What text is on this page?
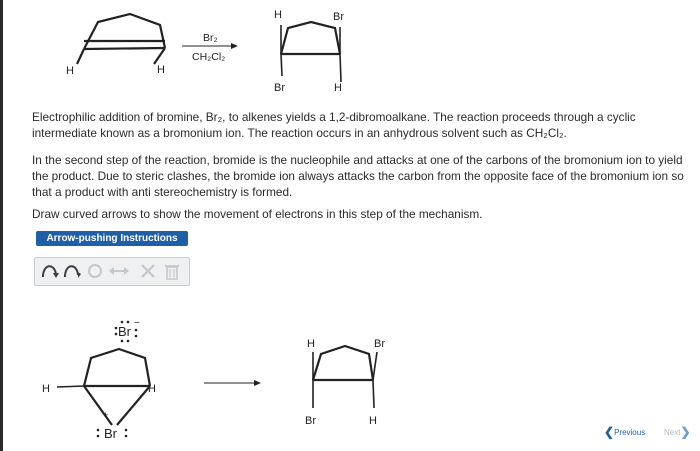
H	H
Br₂
CH₂Cl₂
H	Br
Br	H
Br
−
H	H
+
Br
H	Br
Br	H

Electrophilic addition of bromine, Br₂, to alkenes yields a 1,2-dibromoalkane. The reaction proceeds through a cyclic intermediate known as a bromonium ion. The reaction occurs in an anhydrous solvent such as CH₂Cl₂.

In the second step of the reaction, bromide is the nucleophile and attacks at one of the carbons of the bromonium ion to yield the product. Due to steric clashes, the bromide ion always attacks the carbon from the opposite face of the bromonium ion so that a product with anti stereochemistry is formed.

Draw curved arrows to show the movement of electrons in this step of the mechanism.

Arrow-pushing Instructions
❮Previous	Next❯
